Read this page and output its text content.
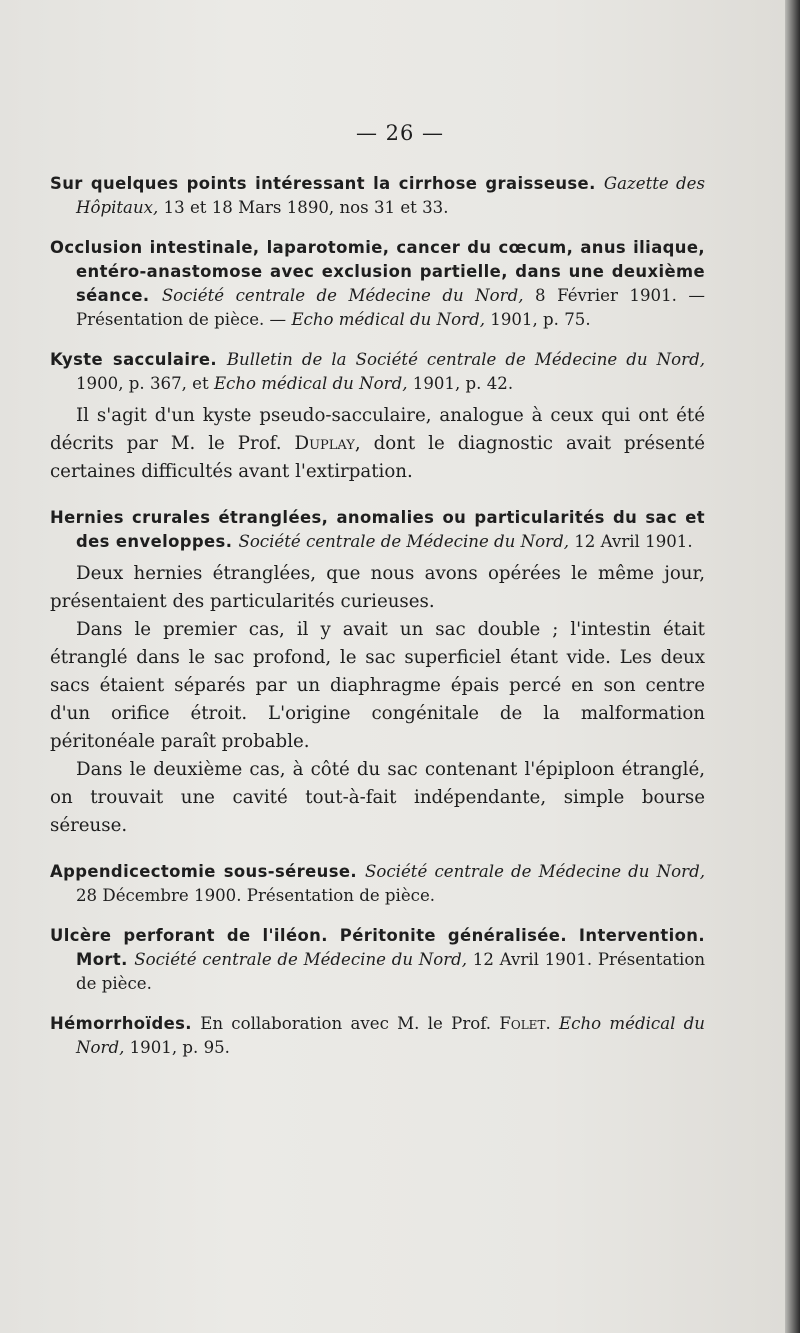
— 26 —
Sur quelques points intéressant la cirrhose graisseuse. Gazette des Hôpitaux, 13 et 18 Mars 1890, nos 31 et 33.
Occlusion intestinale, laparotomie, cancer du cœcum, anus iliaque, entéro-anastomose avec exclusion partielle, dans une deuxième séance. Société centrale de Médecine du Nord, 8 Février 1901. — Présentation de pièce. — Echo médical du Nord, 1901, p. 75.
Kyste sacculaire. Bulletin de la Société centrale de Médecine du Nord, 1900, p. 367, et Echo médical du Nord, 1901, p. 42.

Il s'agit d'un kyste pseudo-sacculaire, analogue à ceux qui ont été décrits par M. le Prof. Duplay, dont le diagnostic avait présenté certaines difficultés avant l'extirpation.

Hernies crurales étranglées, anomalies ou particularités du sac et des enveloppes. Société centrale de Médecine du Nord, 12 Avril 1901.

Deux hernies étranglées, que nous avons opérées le même jour, présentaient des particularités curieuses.

Dans le premier cas, il y avait un sac double ; l'intestin était étranglé dans le sac profond, le sac superficiel étant vide. Les deux sacs étaient séparés par un diaphragme épais percé en son centre d'un orifice étroit. L'origine congénitale de la malformation péritonéale paraît probable.

Dans le deuxième cas, à côté du sac contenant l'épiploon étranglé, on trouvait une cavité tout-à-fait indépendante, simple bourse séreuse.

Appendicectomie sous-séreuse. Société centrale de Médecine du Nord, 28 Décembre 1900. Présentation de pièce.
Ulcère perforant de l'iléon. Péritonite généralisée. Intervention. Mort. Société centrale de Médecine du Nord, 12 Avril 1901. Présentation de pièce.
Hémorrhoïdes. En collaboration avec M. le Prof. Folet. Echo médical du Nord, 1901, p. 95.
